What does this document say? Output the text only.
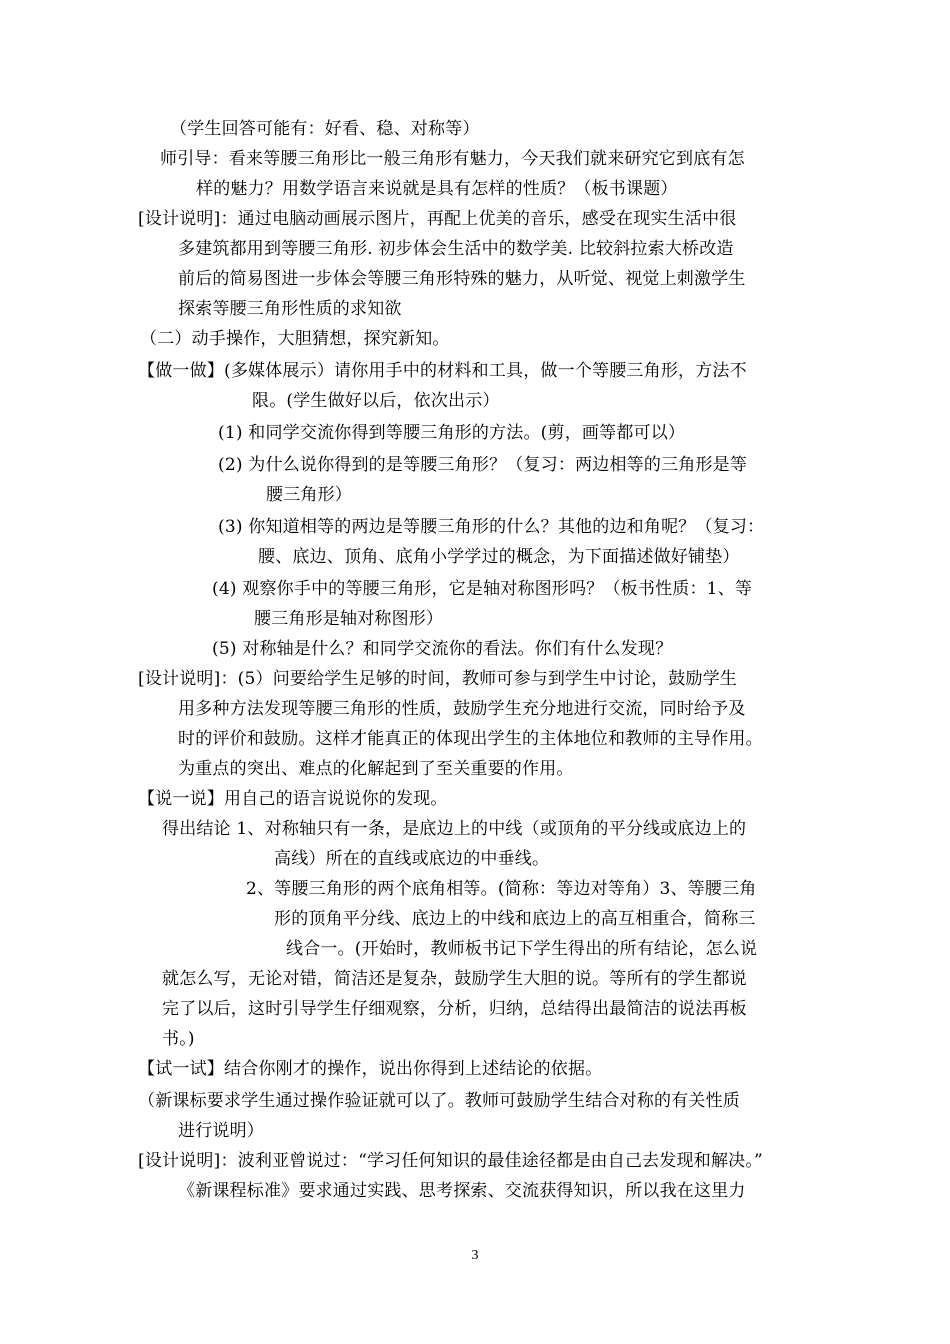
（学生回答可能有：好看、稳、对称等）
师引导：看来等腰三角形比一般三角形有魅力，今天我们就来研究它到底有怎
样的魅力？用数学语言来说就是具有怎样的性质？（板书课题）
[设计说明]：通过电脑动画展示图片，再配上优美的音乐，感受在现实生活中很
多建筑都用到等腰三角形. 初步体会生活中的数学美. 比较斜拉索大桥改造
前后的简易图进一步体会等腰三角形特殊的魅力，从听觉、视觉上刺激学生
探索等腰三角形性质的求知欲
（二）动手操作，大胆猜想，探究新知。
【做一做】(多媒体展示）请你用手中的材料和工具，做一个等腰三角形，方法不
限。(学生做好以后，依次出示）
(1) 和同学交流你得到等腰三角形的方法。(剪，画等都可以）
(2) 为什么说你得到的是等腰三角形？（复习：两边相等的三角形是等
腰三角形）
(3) 你知道相等的两边是等腰三角形的什么？其他的边和角呢？（复习：
腰、底边、顶角、底角小学学过的概念，为下面描述做好铺垫）
(4) 观察你手中的等腰三角形，它是轴对称图形吗？（板书性质：1、等
腰三角形是轴对称图形）
(5) 对称轴是什么？和同学交流你的看法。你们有什么发现？
[设计说明]：(5）问要给学生足够的时间，教师可参与到学生中讨论，鼓励学生
用多种方法发现等腰三角形的性质，鼓励学生充分地进行交流，同时给予及
时的评价和鼓励。这样才能真正的体现出学生的主体地位和教师的主导作用。
为重点的突出、难点的化解起到了至关重要的作用。
【说一说】用自己的语言说说你的发现。
得出结论 1、对称轴只有一条，是底边上的中线（或顶角的平分线或底边上的
高线）所在的直线或底边的中垂线。
2、等腰三角形的两个底角相等。(简称：等边对等角）3、等腰三角
形的顶角平分线、底边上的中线和底边上的高互相重合，简称三
线合一。(开始时，教师板书记下学生得出的所有结论，怎么说
就怎么写，无论对错，简洁还是复杂，鼓励学生大胆的说。等所有的学生都说
完了以后，这时引导学生仔细观察，分析，归纳，总结得出最简洁的说法再板
书。)
【试一试】结合你刚才的操作，说出你得到上述结论的依据。
（新课标要求学生通过操作验证就可以了。教师可鼓励学生结合对称的有关性质
进行说明）
[设计说明]：波利亚曾说过：“学习任何知识的最佳途径都是由自己去发现和解决。”
《新课程标准》要求通过实践、思考探索、交流获得知识，所以我在这里力
3
